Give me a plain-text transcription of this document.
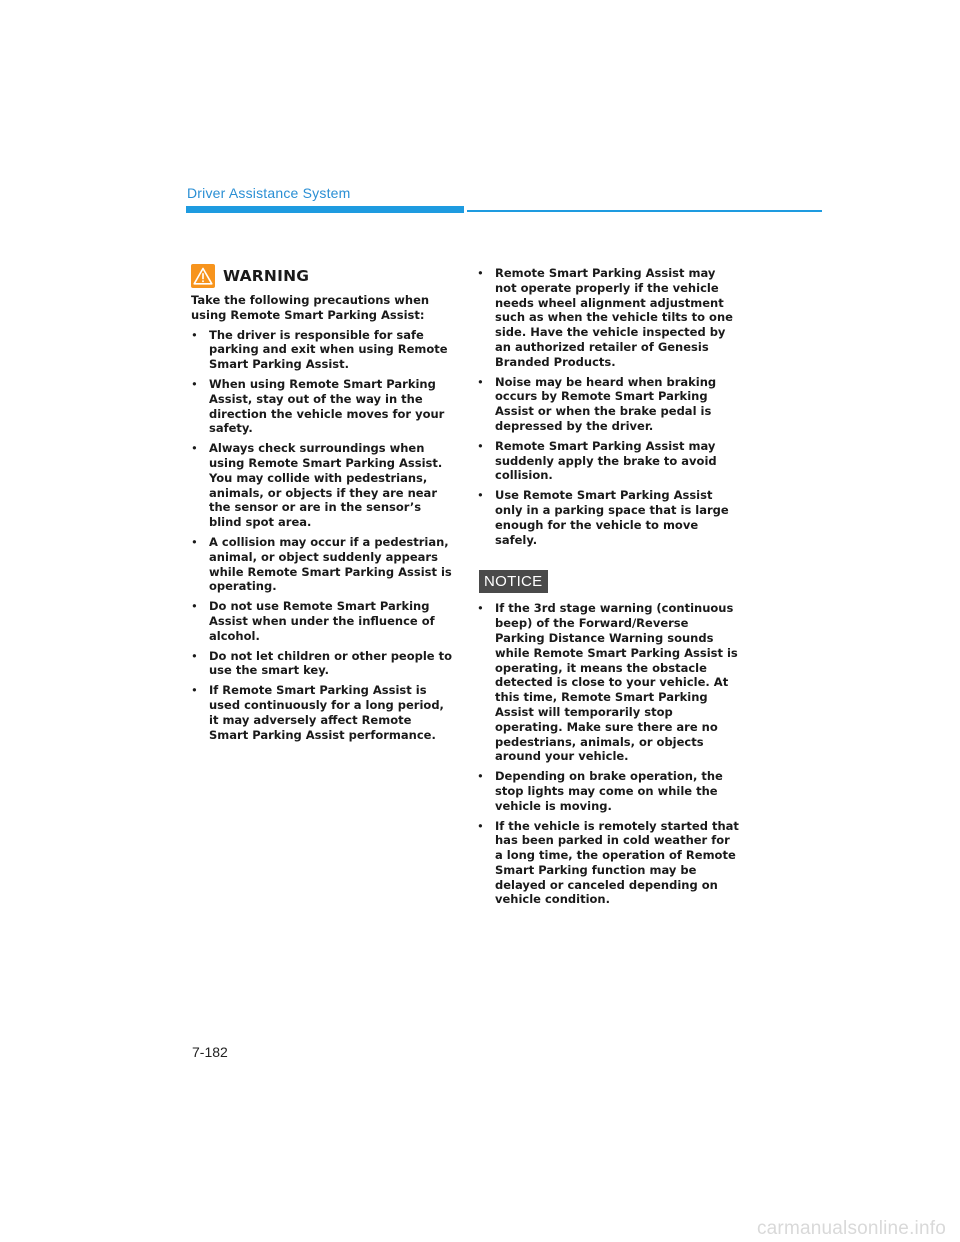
Driver Assistance System
WARNING

Take the following precautions when using Remote Smart Parking Assist:

• The driver is responsible for safe parking and exit when using Remote Smart Parking Assist.
• When using Remote Smart Parking Assist, stay out of the way in the direction the vehicle moves for your safety.
• Always check surroundings when using Remote Smart Parking Assist. You may collide with pedestrians, animals, or objects if they are near the sensor or are in the sensor’s blind spot area.
• A collision may occur if a pedestrian, animal, or object suddenly appears while Remote Smart Parking Assist is operating.
• Do not use Remote Smart Parking Assist when under the influence of alcohol.
• Do not let children or other people to use the smart key.
• If Remote Smart Parking Assist is used continuously for a long period, it may adversely affect Remote Smart Parking Assist performance.
• Remote Smart Parking Assist may not operate properly if the vehicle needs wheel alignment adjustment such as when the vehicle tilts to one side. Have the vehicle inspected by an authorized retailer of Genesis Branded Products.
• Noise may be heard when braking occurs by Remote Smart Parking Assist or when the brake pedal is depressed by the driver.
• Remote Smart Parking Assist may suddenly apply the brake to avoid collision.
• Use Remote Smart Parking Assist only in a parking space that is large enough for the vehicle to move safely.
NOTICE
• If the 3rd stage warning (continuous beep) of the Forward/Reverse Parking Distance Warning sounds while Remote Smart Parking Assist is operating, it means the obstacle detected is close to your vehicle. At this time, Remote Smart Parking Assist will temporarily stop operating. Make sure there are no pedestrians, animals, or objects around your vehicle.
• Depending on brake operation, the stop lights may come on while the vehicle is moving.
• If the vehicle is remotely started that has been parked in cold weather for a long time, the operation of Remote Smart Parking function may be delayed or canceled depending on vehicle condition.
7-182
carmanualsonline.info
